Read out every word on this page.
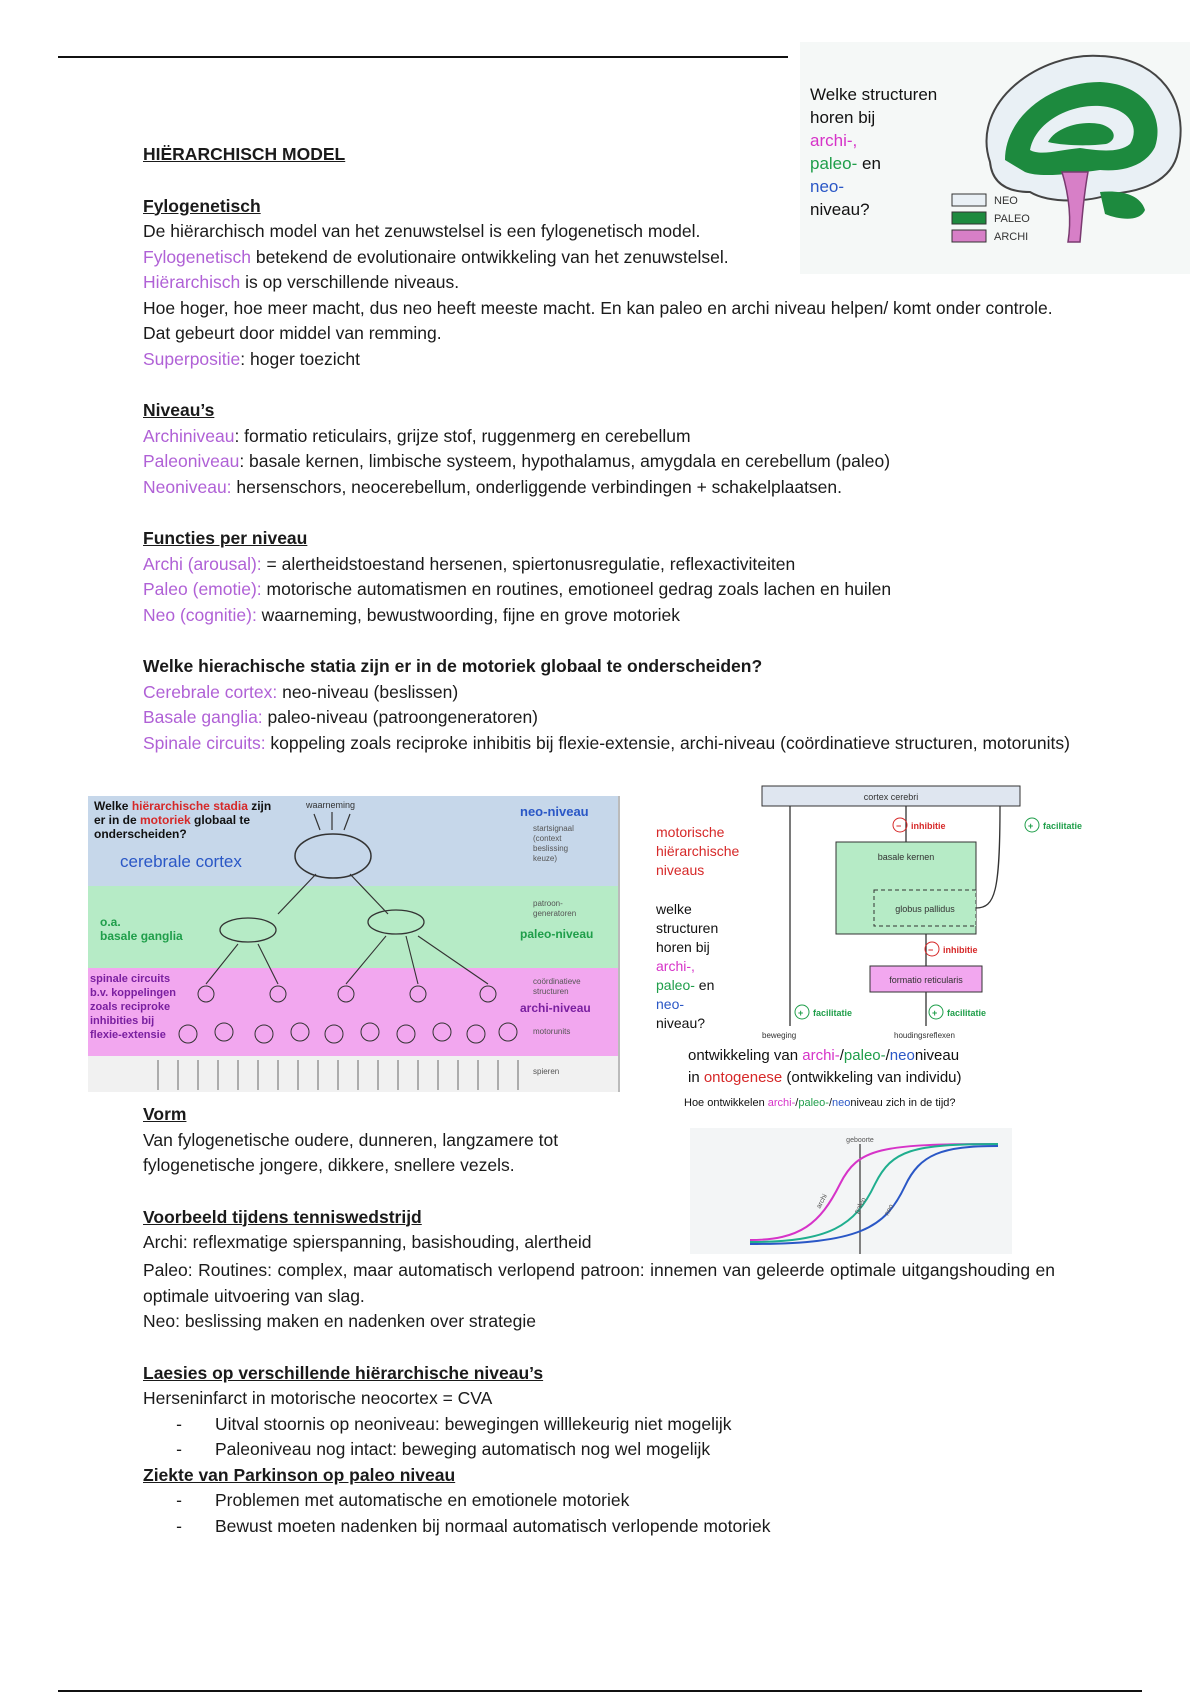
HIËRARCHISCH MODEL

Fylogenetisch

De hiërarchisch model van het zenuwstelsel is een fylogenetisch model.

Fylogenetisch betekend de evolutionaire ontwikkeling van het zenuwstelsel.

Hiërarchisch is op verschillende niveaus.

Hoe hoger, hoe meer macht, dus neo heeft meeste macht. En kan paleo en archi niveau helpen/ komt onder controle. Dat gebeurt door middel van remming.

Superpositie: hoger toezicht

Niveau’s

Archiniveau: formatio reticulairs, grijze stof, ruggenmerg en cerebellum

Paleoniveau: basale kernen, limbische systeem, hypothalamus, amygdala en cerebellum (paleo)

Neoniveau: hersenschors, neocerebellum, onderliggende verbindingen + schakelplaatsen.

Functies per niveau

Archi (arousal): = alertheidstoestand hersenen, spiertonusregulatie, reflexactiviteiten

Paleo (emotie): motorische automatismen en routines, emotioneel gedrag zoals lachen en huilen

Neo (cognitie): waarneming, bewustwoording, fijne en grove motoriek

Welke hierachische statia zijn er in de motoriek globaal te onderscheiden?

Cerebrale cortex: neo-niveau (beslissen)

Basale ganglia: paleo-niveau (patroongeneratoren)

Spinale circuits: koppeling zoals reciproke inhibitis bij flexie-extensie, archi-niveau (coördinatieve structuren, motorunits)

Welke structuren
horen bij
archi-,
paleo- en
neo-
niveau?	NEO
PALEO
ARCHI
Welke hiërarchische stadia zijn
er in de motoriek globaal te
onderscheiden?
waarneming
cerebrale cortex
neo-niveau
startsignaal
(context
beslissing
keuze)
o.a.
basale ganglia
patroon-
generatoren
paleo-niveau
spinale circuits
b.v. koppelingen
zoals reciproke
inhibities bij
flexie-extensie
coördinatieve
structuren
archi-niveau
motorunits
spieren
motorische
hiërarchische
niveaus
welke
structuren
horen bij
archi-,
paleo- en
neo-
niveau?
cortex cerebri
basale kernen
globus pallidus
formatio reticularis
− inhibitie	+ facilitatie
− inhibitie
+ facilitatie	+ facilitatie
beweging	houdingsreflexen
ontwikkeling van archi-/paleo-/neoniveau
in ontogenese (ontwikkeling van individu)
Hoe ontwikkelen archi-/paleo-/neoniveau zich in de tijd?
geboorte
archi	paleo neo

Vorm

Van fylogenetische oudere, dunneren, langzamere tot fylogenetische jongere, dikkere, snellere vezels.

Voorbeeld tijdens tenniswedstrijd

Archi: reflexmatige spierspanning, basishouding, alertheid

Paleo: Routines: complex, maar automatisch verlopend patroon: innemen van geleerde optimale uitgangshouding en optimale uitvoering van slag.

Neo: beslissing maken en nadenken over strategie

Laesies op verschillende hiërarchische niveau’s

Herseninfarct in motorische neocortex = CVA

-	Uitval stoornis op neoniveau: bewegingen willlekeurig niet mogelijk
-	Paleoniveau nog intact: beweging automatisch nog wel mogelijk

Ziekte van Parkinson op paleo niveau

-	Problemen met automatische en emotionele motoriek
-	Bewust moeten nadenken bij normaal automatisch verlopende motoriek
